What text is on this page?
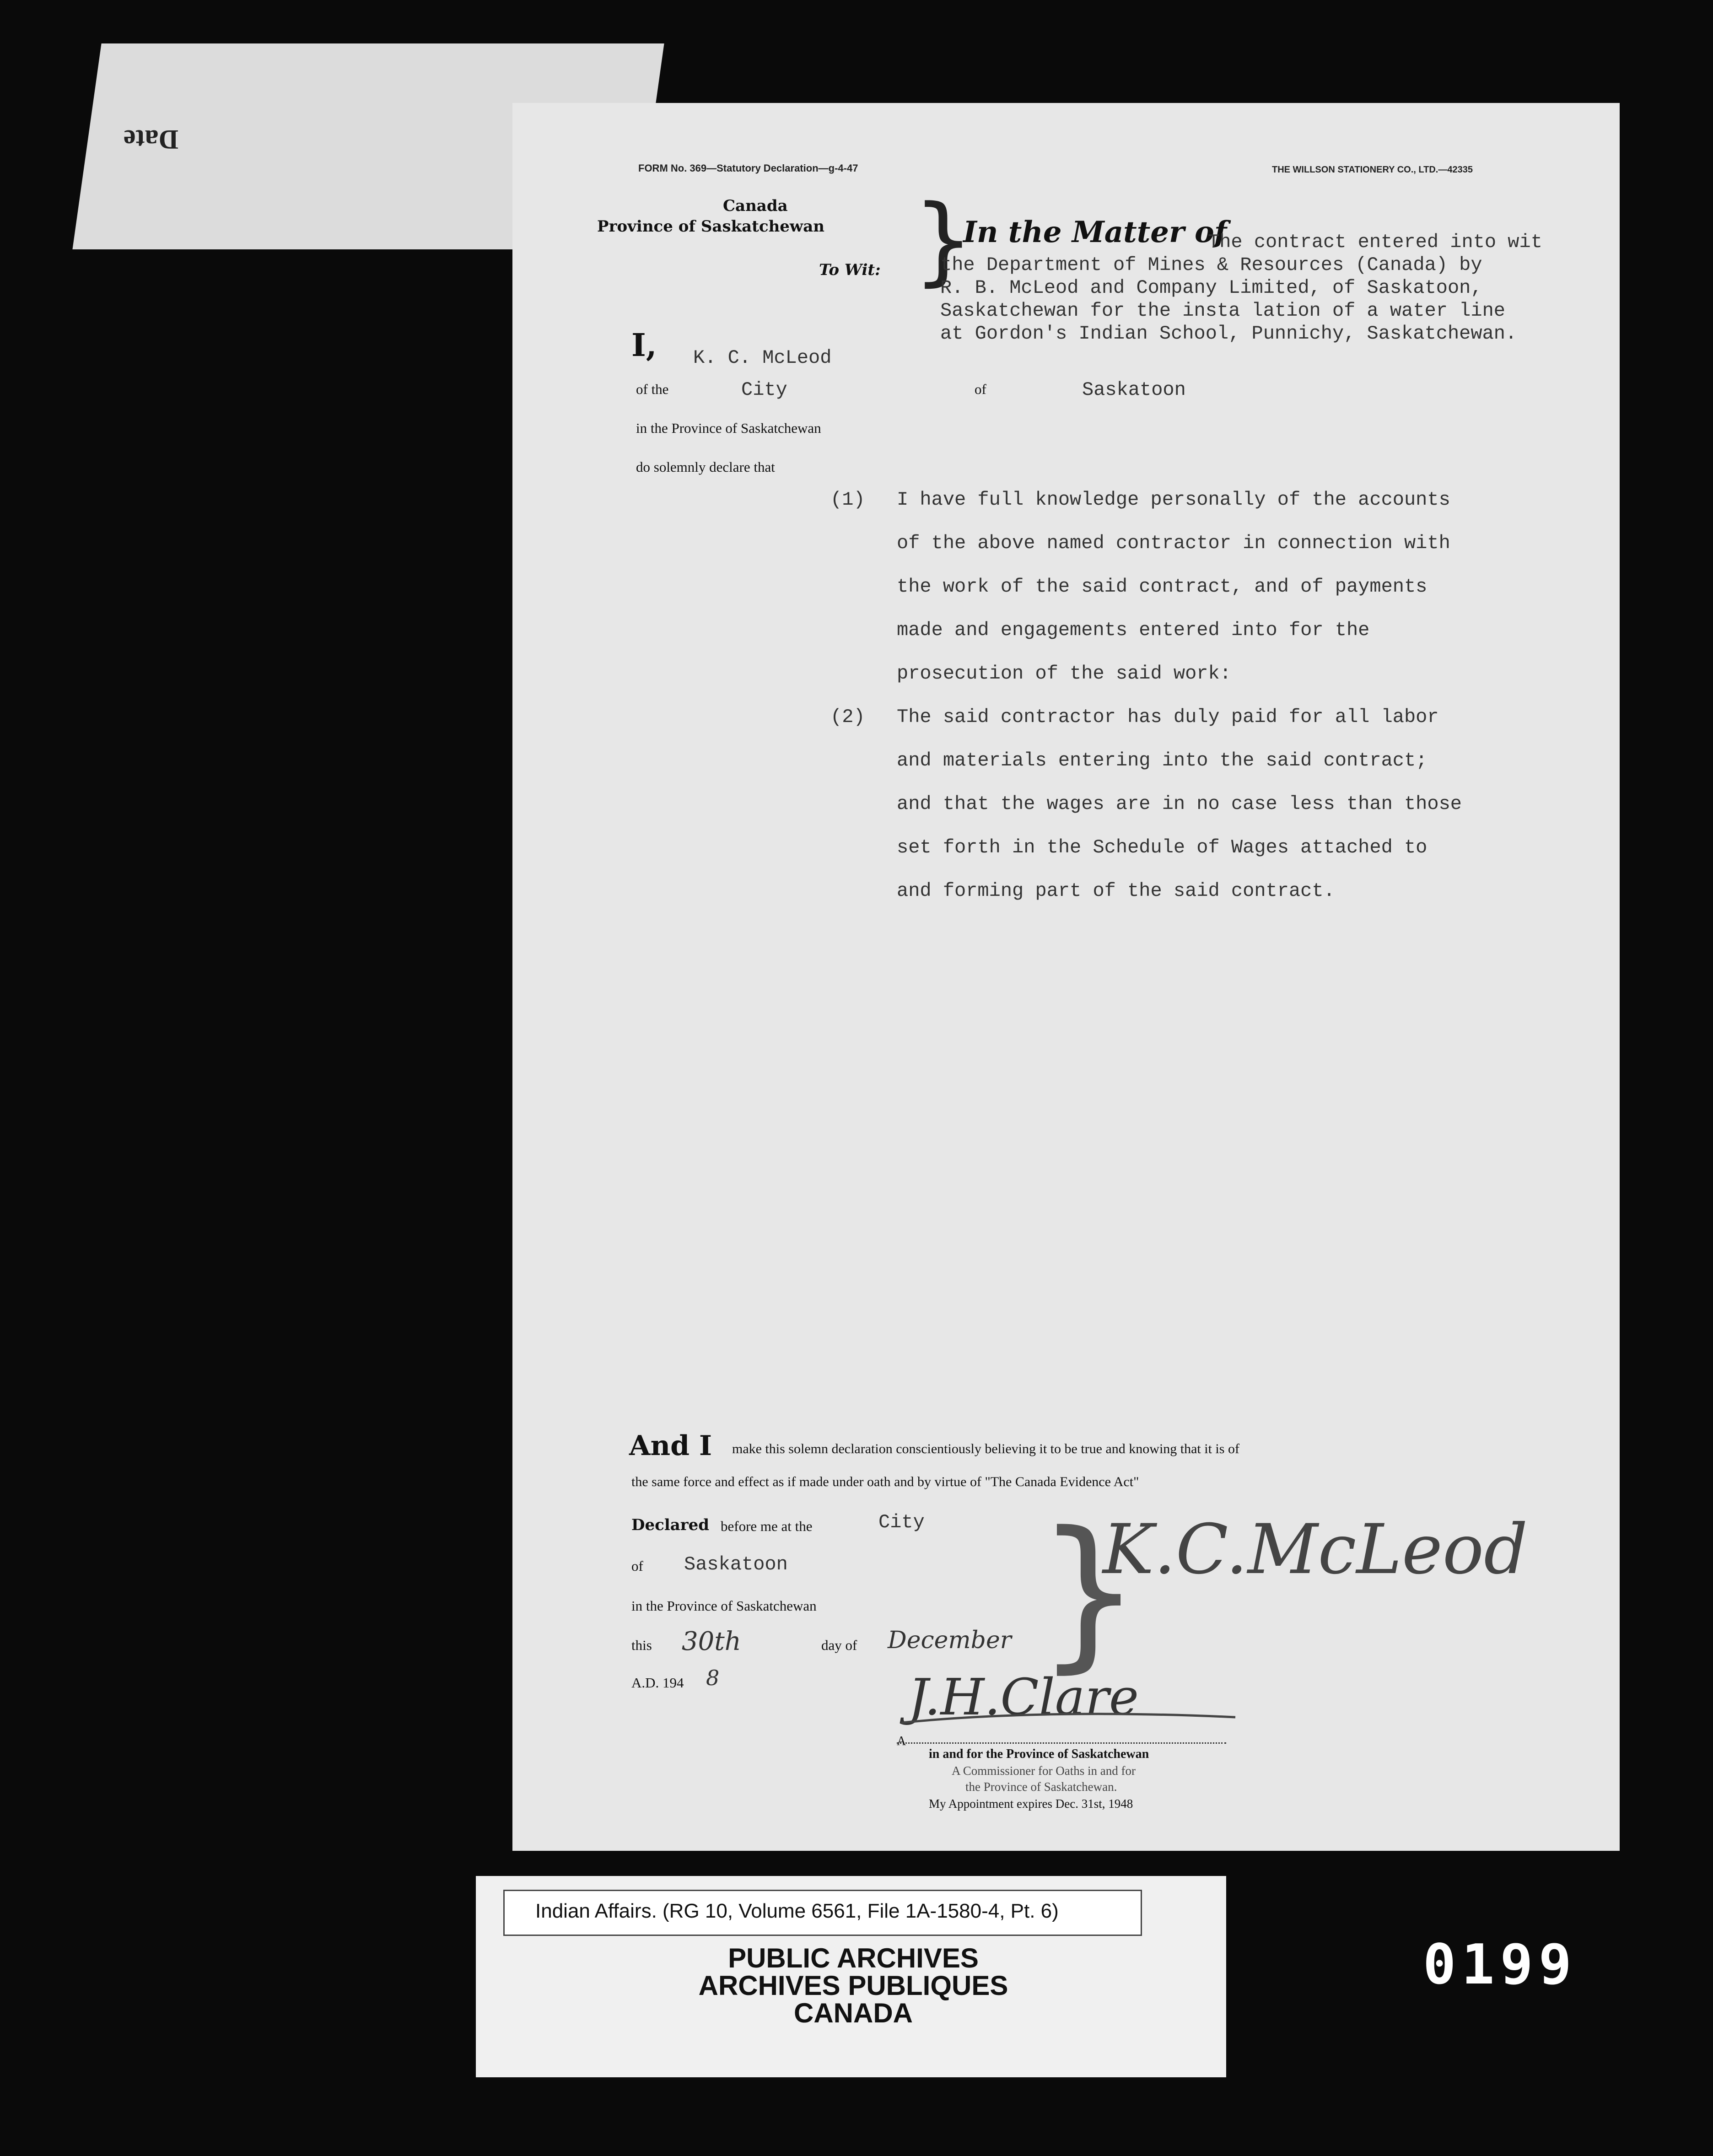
Date
FORM No. 369—Statutory Declaration—g-4-47	THE WILLSON STATIONERY CO., LTD.—42335
Canada
Province of Saskatchewan
To Wit: }
In the Matter of
The contract entered into wit
the Department of Mines & Resources (Canada) by
R. B. McLeod and Company Limited, of Saskatoon,
Saskatchewan for the insta lation of a water line
at Gordon's Indian School, Punnichy, Saskatchewan.
I, K. C. McLeod
of the	City	of	Saskatoon
in the Province of Saskatchewan
do solemnly declare that
(1) I have full knowledge personally of the accounts
of the above named contractor in connection with
the work of the said contract, and of payments
made and engagements entered into for the
prosecution of the said work:
(2) The said contractor has duly paid for all labor
and materials entering into the said contract;
and that the wages are in no case less than those
set forth in the Schedule of Wages attached to
and forming part of the said contract.
And I make this solemn declaration conscientiously believing it to be true and knowing that it is of
the same force and effect as if made under oath and by virtue of "The Canada Evidence Act"
Declared before me at the	City
of Saskatoon
in the Province of Saskatchewan
this 30th	day of December
A.D. 194 8 }
K.C.McLeod
J.H.Clare
A
in and for the Province of Saskatchewan
A Commissioner for Oaths in and for
the Province of Saskatchewan.
My Appointment expires Dec. 31st, 1948
Indian Affairs. (RG 10, Volume 6561, File 1A-1580-4, Pt. 6)
PUBLIC ARCHIVES
ARCHIVES PUBLIQUES
CANADA
0199
